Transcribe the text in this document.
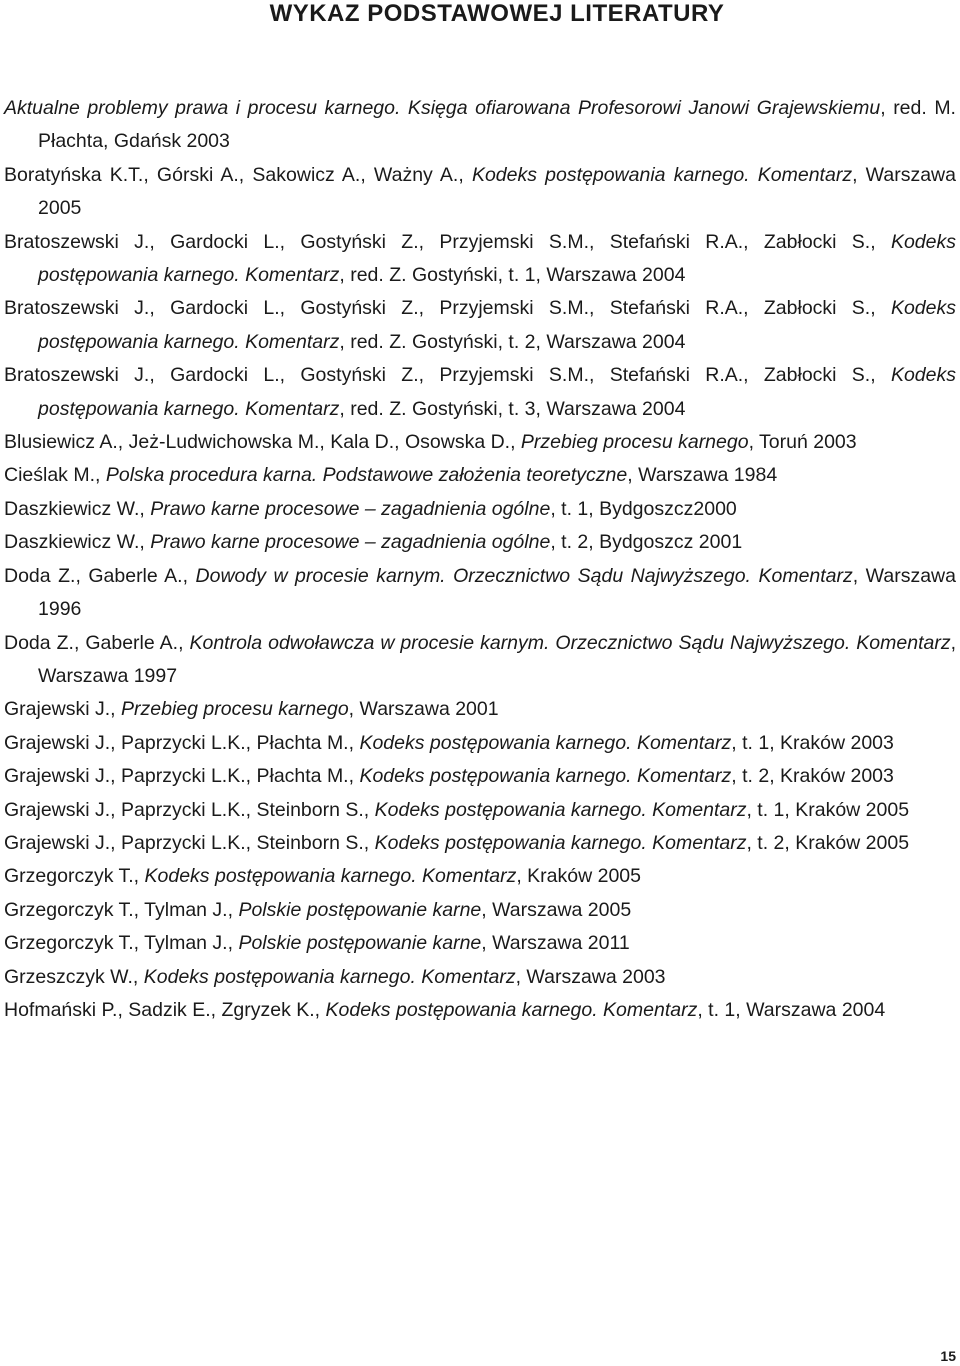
WYKAZ PODSTAWOWEJ LITERATURY
Aktualne problemy prawa i procesu karnego. Księga ofiarowana Profesorowi Janowi Grajewskiemu, red. M. Płachta, Gdańsk 2003
Boratyńska K.T., Górski A., Sakowicz A., Ważny A., Kodeks postępowania karnego. Komentarz, Warszawa 2005
Bratoszewski J., Gardocki L., Gostyński Z., Przyjemski S.M., Stefański R.A., Zabłocki S., Kodeks postępowania karnego. Komentarz, red. Z. Gostyński, t. 1, Warszawa 2004
Bratoszewski J., Gardocki L., Gostyński Z., Przyjemski S.M., Stefański R.A., Zabłocki S., Kodeks postępowania karnego. Komentarz, red. Z. Gostyński, t. 2, Warszawa 2004
Bratoszewski J., Gardocki L., Gostyński Z., Przyjemski S.M., Stefański R.A., Zabłocki S., Kodeks postępowania karnego. Komentarz, red. Z. Gostyński, t. 3, Warszawa 2004
Blusiewicz A., Jeż-Ludwichowska M., Kala D., Osowska D., Przebieg procesu karnego, Toruń 2003
Cieślak M., Polska procedura karna. Podstawowe założenia teoretyczne, Warszawa 1984
Daszkiewicz W., Prawo karne procesowe – zagadnienia ogólne, t. 1, Bydgoszcz2000
Daszkiewicz W., Prawo karne procesowe – zagadnienia ogólne, t. 2, Bydgoszcz 2001
Doda Z., Gaberle A., Dowody w procesie karnym. Orzecznictwo Sądu Najwyższego. Komentarz, Warszawa 1996
Doda Z., Gaberle A., Kontrola odwoławcza w procesie karnym. Orzecznictwo Sądu Najwyższego. Komentarz, Warszawa 1997
Grajewski J., Przebieg procesu karnego, Warszawa 2001
Grajewski J., Paprzycki L.K., Płachta M., Kodeks postępowania karnego. Komentarz, t. 1, Kraków 2003
Grajewski J., Paprzycki L.K., Płachta M., Kodeks postępowania karnego. Komentarz, t. 2, Kraków 2003
Grajewski J., Paprzycki L.K., Steinborn S., Kodeks postępowania karnego. Komentarz, t. 1, Kraków 2005
Grajewski J., Paprzycki L.K., Steinborn S., Kodeks postępowania karnego. Komentarz, t. 2, Kraków 2005
Grzegorczyk T., Kodeks postępowania karnego. Komentarz, Kraków 2005
Grzegorczyk T., Tylman J., Polskie postępowanie karne, Warszawa 2005
Grzegorczyk T., Tylman J., Polskie postępowanie karne, Warszawa 2011
Grzeszczyk W., Kodeks postępowania karnego. Komentarz, Warszawa 2003
Hofmański P., Sadzik E., Zgryzek K., Kodeks postępowania karnego. Komentarz, t. 1, Warszawa 2004
15
